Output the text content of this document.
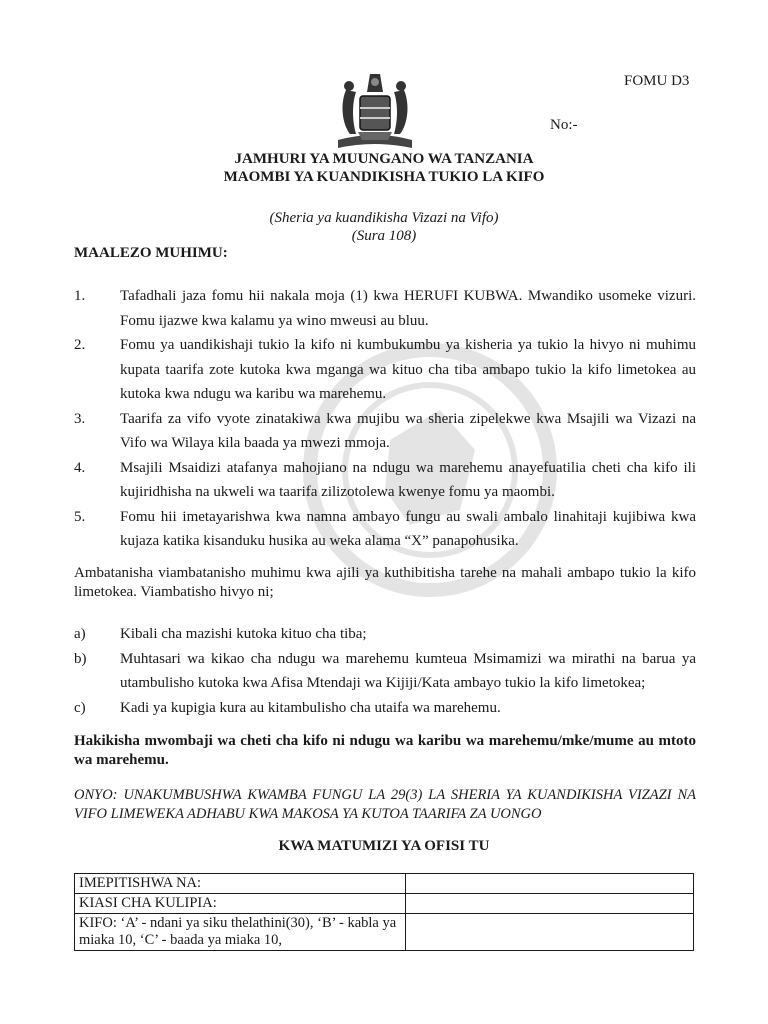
FOMU D3
No:-
JAMHURI YA MUUNGANO WA TANZANIA
MAOMBI YA KUANDIKISHA TUKIO LA KIFO
(Sheria ya kuandikisha Vizazi na Vifo)
(Sura 108)
MAALEZO MUHIMU:
1.	Tafadhali jaza fomu hii nakala moja (1) kwa HERUFI KUBWA. Mwandiko usomeke vizuri. Fomu ijazwe kwa kalamu ya wino mweusi au bluu.
2.	Fomu ya uandikishaji tukio la kifo ni kumbukumbu ya kisheria ya tukio la hivyo ni muhimu kupata taarifa zote kutoka kwa mganga wa kituo cha tiba ambapo tukio la kifo limetokea au kutoka kwa ndugu wa karibu wa marehemu.
3.	Taarifa za vifo vyote zinatakiwa kwa mujibu wa sheria zipelekwe kwa Msajili wa Vizazi na Vifo wa Wilaya kila baada ya mwezi mmoja.
4.	Msajili Msaidizi atafanya mahojiano na ndugu wa marehemu anayefuatilia cheti cha kifo ili kujiridhisha na ukweli wa taarifa zilizotolewa kwenye fomu ya maombi.
5.	Fomu hii imetayarishwa kwa namna ambayo fungu au swali ambalo linahitaji kujibiwa kwa kujaza katika kisanduku husika au weka alama “X” panapohusika.
Ambatanisha viambatanisho muhimu kwa ajili ya kuthibitisha tarehe na mahali ambapo tukio la kifo limetokea. Viambatisho hivyo ni;
a)	Kibali cha mazishi kutoka kituo cha tiba;
b)	Muhtasari wa kikao cha ndugu wa marehemu kumteua Msimamizi wa mirathi na barua ya utambulisho kutoka kwa Afisa Mtendaji wa Kijiji/Kata ambayo tukio la kifo limetokea;
c)	Kadi ya kupigia kura au kitambulisho cha utaifa wa marehemu.
Hakikisha mwombaji wa cheti cha kifo ni ndugu wa karibu wa marehemu/mke/mume au mtoto wa marehemu.
ONYO: UNAKUMBUSHWA KWAMBA FUNGU LA 29(3) LA SHERIA YA KUANDIKISHA VIZAZI NA VIFO LIMEWEKA ADHABU KWA MAKOSA YA KUTOA TAARIFA ZA UONGO
KWA MATUMIZI YA OFISI TU
IMEPITISHWA NA:	
KIASI CHA KULIPIA:	
KIFO: ‘A’ - ndani ya siku thelathini(30), ‘B’ - kabla ya miaka 10, ‘C’ - baada ya miaka 10,	
